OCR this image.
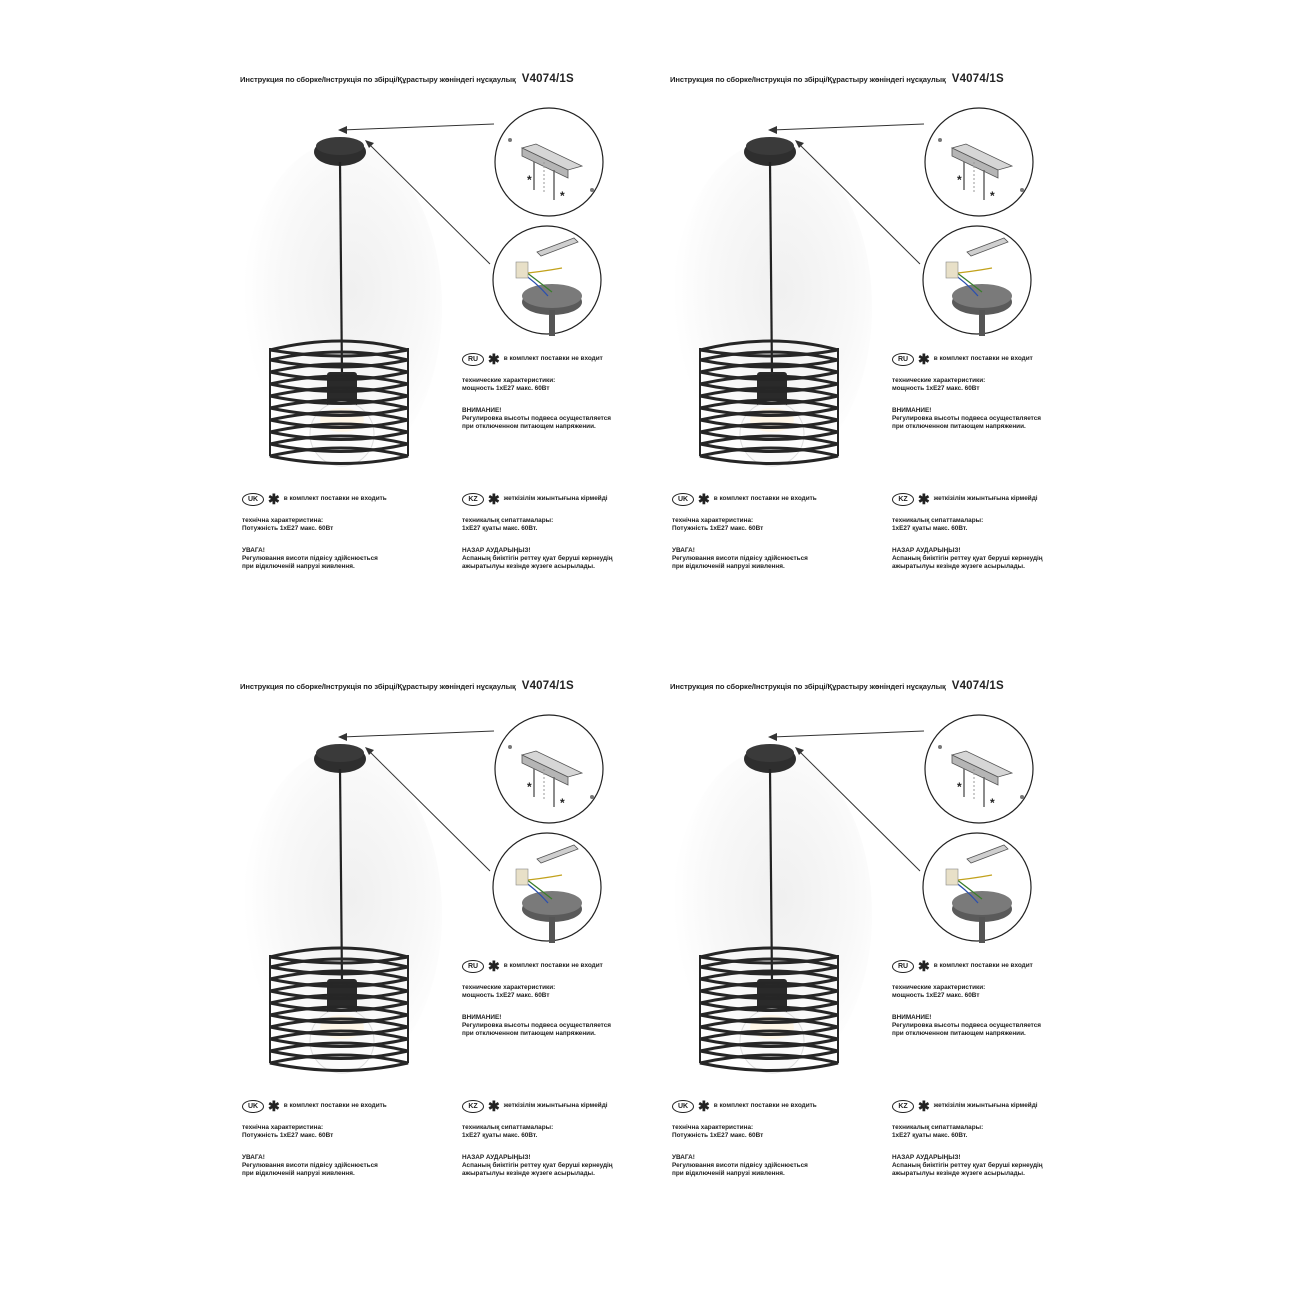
Инструкция по сборке/Інструкція по збірці/Құрастыру жөніндегі нұсқаулық V4074/1S
*
*
RU ✱ в комплект поставки не входит
технические характеристики:
мощность 1хE27 макс. 60Вт
ВНИМАНИЕ!
Регулировка высоты подвеса осуществляется
при отключенном питающем напряжении.
UK ✱ в комплект поставки не входить
технічна характеристина:
Потужність 1хE27 макс. 60Вт
УВАГА!
Регулювання висоти підвісу здійснюється
при відключеній напрузі живлення.
KZ ✱ жеткізілім жиынтығына кірмейді
техникалық сипаттамалары:
1хE27 қуаты макс. 60Вт.
НАЗАР АУДАРЫҢЫЗ!
Аспаның биіктігін реттеу қуат беруші кернеудің
ажыратылуы кезінде жүзеге асырылады.
Инструкция по сборке/Інструкція по збірці/Құрастыру жөніндегі нұсқаулық V4074/1S
*
*
RU ✱ в комплект поставки не входит
технические характеристики:
мощность 1хE27 макс. 60Вт
ВНИМАНИЕ!
Регулировка высоты подвеса осуществляется
при отключенном питающем напряжении.
UK ✱ в комплект поставки не входить
технічна характеристина:
Потужність 1хE27 макс. 60Вт
УВАГА!
Регулювання висоти підвісу здійснюється
при відключеній напрузі живлення.
KZ ✱ жеткізілім жиынтығына кірмейді
техникалық сипаттамалары:
1хE27 қуаты макс. 60Вт.
НАЗАР АУДАРЫҢЫЗ!
Аспаның биіктігін реттеу қуат беруші кернеудің
ажыратылуы кезінде жүзеге асырылады.
Инструкция по сборке/Інструкція по збірці/Құрастыру жөніндегі нұсқаулық V4074/1S
*
*
RU ✱ в комплект поставки не входит
технические характеристики:
мощность 1хE27 макс. 60Вт
ВНИМАНИЕ!
Регулировка высоты подвеса осуществляется
при отключенном питающем напряжении.
UK ✱ в комплект поставки не входить
технічна характеристина:
Потужність 1хE27 макс. 60Вт
УВАГА!
Регулювання висоти підвісу здійснюється
при відключеній напрузі живлення.
KZ ✱ жеткізілім жиынтығына кірмейді
техникалық сипаттамалары:
1хE27 қуаты макс. 60Вт.
НАЗАР АУДАРЫҢЫЗ!
Аспаның биіктігін реттеу қуат беруші кернеудің
ажыратылуы кезінде жүзеге асырылады.
Инструкция по сборке/Інструкція по збірці/Құрастыру жөніндегі нұсқаулық V4074/1S
*
*
RU ✱ в комплект поставки не входит
технические характеристики:
мощность 1хE27 макс. 60Вт
ВНИМАНИЕ!
Регулировка высоты подвеса осуществляется
при отключенном питающем напряжении.
UK ✱ в комплект поставки не входить
технічна характеристина:
Потужність 1хE27 макс. 60Вт
УВАГА!
Регулювання висоти підвісу здійснюється
при відключеній напрузі живлення.
KZ ✱ жеткізілім жиынтығына кірмейді
техникалық сипаттамалары:
1хE27 қуаты макс. 60Вт.
НАЗАР АУДАРЫҢЫЗ!
Аспаның биіктігін реттеу қуат беруші кернеудің
ажыратылуы кезінде жүзеге асырылады.
